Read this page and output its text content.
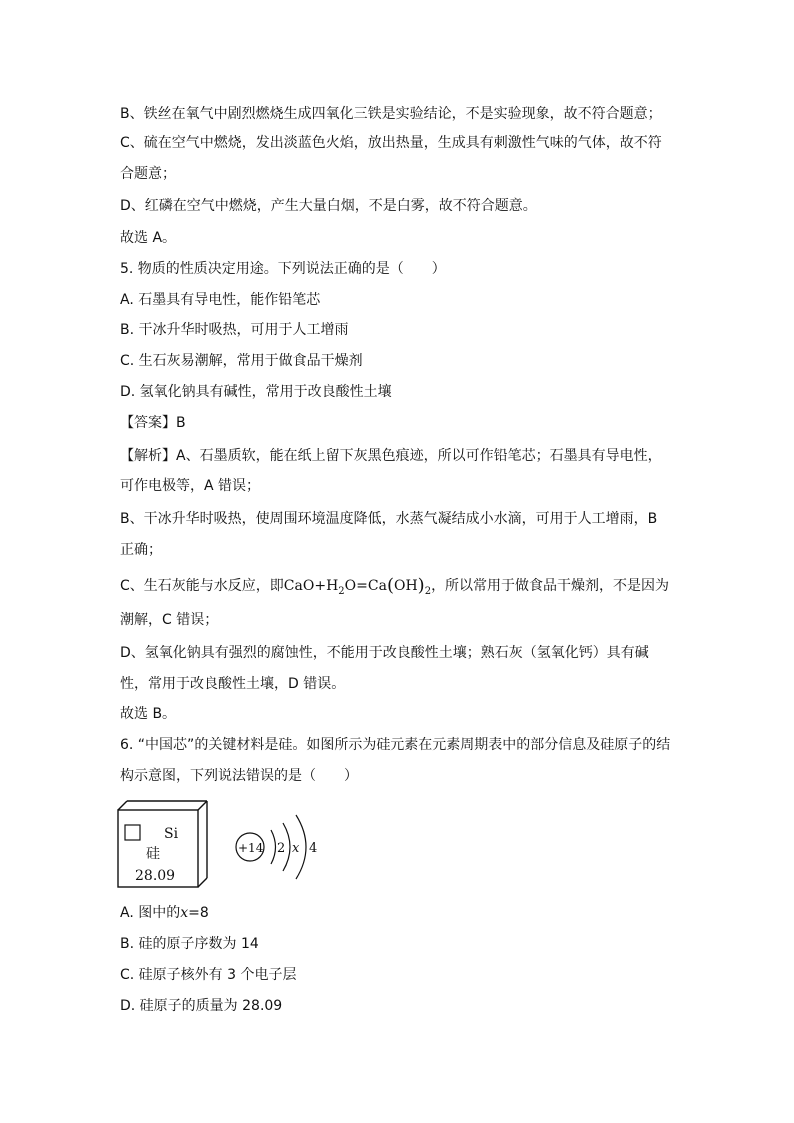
B、铁丝在氧气中剧烈燃烧生成四氧化三铁是实验结论，不是实验现象，故不符合题意；
C、硫在空气中燃烧，发出淡蓝色火焰，放出热量，生成具有刺激性气味的气体，故不符
合题意；
D、红磷在空气中燃烧，产生大量白烟，不是白雾，故不符合题意。
故选 A。
5. 物质的性质决定用途。下列说法正确的是（　　）
A. 石墨具有导电性，能作铅笔芯
B. 干冰升华时吸热，可用于人工增雨
C. 生石灰易潮解，常用于做食品干燥剂
D. 氢氧化钠具有碱性，常用于改良酸性土壤
【答案】B
【解析】A、石墨质软，能在纸上留下灰黑色痕迹，所以可作铅笔芯；石墨具有导电性，
可作电极等，A 错误；
B、干冰升华时吸热，使周围环境温度降低，水蒸气凝结成小水滴，可用于人工增雨，B
正确；
C、生石灰能与水反应，即$CaO+H_2O=Ca(OH)_2$，所以常用于做食品干燥剂，不是因为
潮解，C 错误；
D、氢氧化钠具有强烈的腐蚀性，不能用于改良酸性土壤；熟石灰（氢氧化钙）具有碱
性，常用于改良酸性土壤，D 错误。
故选 B。
6. “中国芯”的关键材料是硅。如图所示为硅元素在元素周期表中的部分信息及硅原子的结
构示意图，下列说法错误的是（　　）
Si
硅
28.09
+14 2 x 4
A. 图中的x=8
B. 硅的原子序数为 14
C. 硅原子核外有 3 个电子层
D. 硅原子的质量为 28.09
